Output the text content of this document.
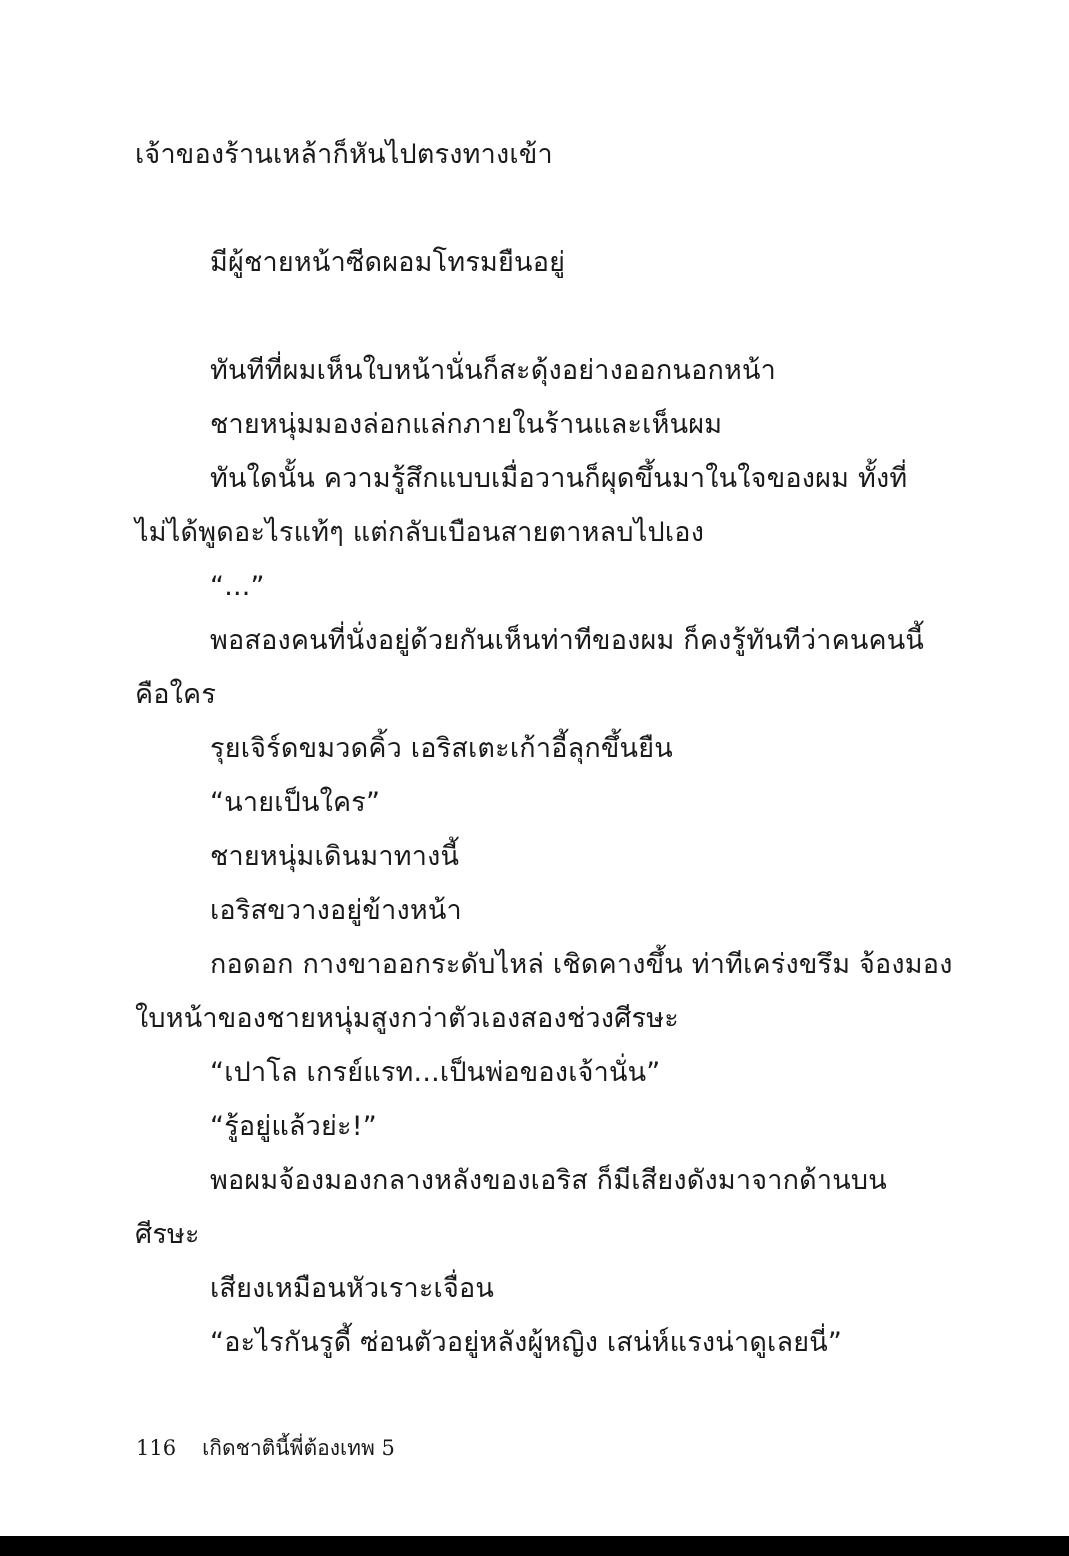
เจ้าของร้านเหล้าก็หันไปตรงทางเข้า
มีผู้ชายหน้าซีดผอมโทรมยืนอยู่
ทันทีที่ผมเห็นใบหน้านั่นก็สะดุ้งอย่างออกนอกหน้า
ชายหนุ่มมองล่อกแล่กภายในร้านและเห็นผม
ทันใดนั้น ความรู้สึกแบบเมื่อวานก็ผุดขึ้นมาในใจของผม ทั้งที่
ไม่ได้พูดอะไรแท้ๆ แต่กลับเบือนสายตาหลบไปเอง
“...”
พอสองคนที่นั่งอยู่ด้วยกันเห็นท่าทีของผม ก็คงรู้ทันทีว่าคนคนนี้
คือใคร
รุยเจิร์ดขมวดคิ้ว เอริสเตะเก้าอี้ลุกขึ้นยืน
“นายเป็นใคร”
ชายหนุ่มเดินมาทางนี้
เอริสขวางอยู่ข้างหน้า
กอดอก กางขาออกระดับไหล่ เชิดคางขึ้น ท่าทีเคร่งขรึม จ้องมอง
ใบหน้าของชายหนุ่มสูงกว่าตัวเองสองช่วงศีรษะ
“เปาโล เกรย์แรท...เป็นพ่อของเจ้านั่น”
“รู้อยู่แล้วย่ะ!”
พอผมจ้องมองกลางหลังของเอริส ก็มีเสียงดังมาจากด้านบน
ศีรษะ
เสียงเหมือนหัวเราะเจื่อน
“อะไรกันรูดี้ ซ่อนตัวอยู่หลังผู้หญิง เสน่ห์แรงน่าดูเลยนี่”
116 เกิดชาตินี้พี่ต้องเทพ 5
